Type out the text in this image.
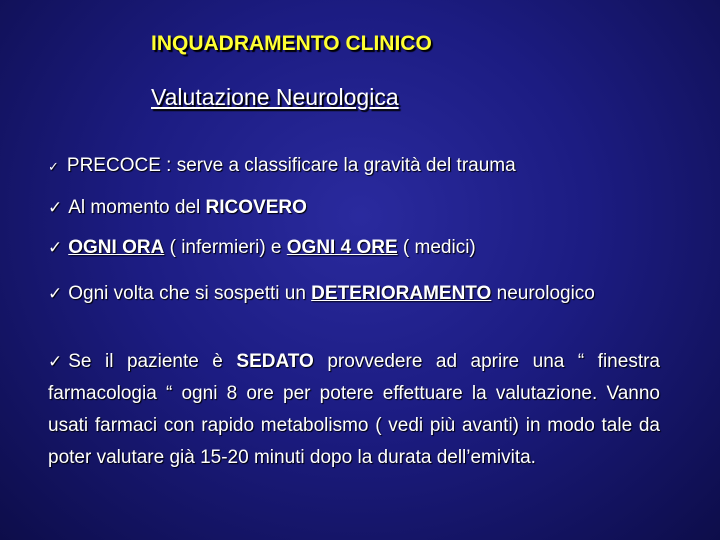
INQUADRAMENTO CLINICO
Valutazione Neurologica
✓ PRECOCE : serve a classificare la gravità del trauma
✓ Al momento del RICOVERO
✓ OGNI ORA ( infermieri) e OGNI 4 ORE ( medici)
✓ Ogni volta che si sospetti un DETERIORAMENTO neurologico
✓ Se il paziente è SEDATO provvedere ad aprire una “ finestra farmacologia “ ogni 8 ore per potere effettuare la valutazione. Vanno usati farmaci con rapido metabolismo ( vedi più avanti) in modo tale da poter valutare già 15-20 minuti dopo la durata dell’emivita.
